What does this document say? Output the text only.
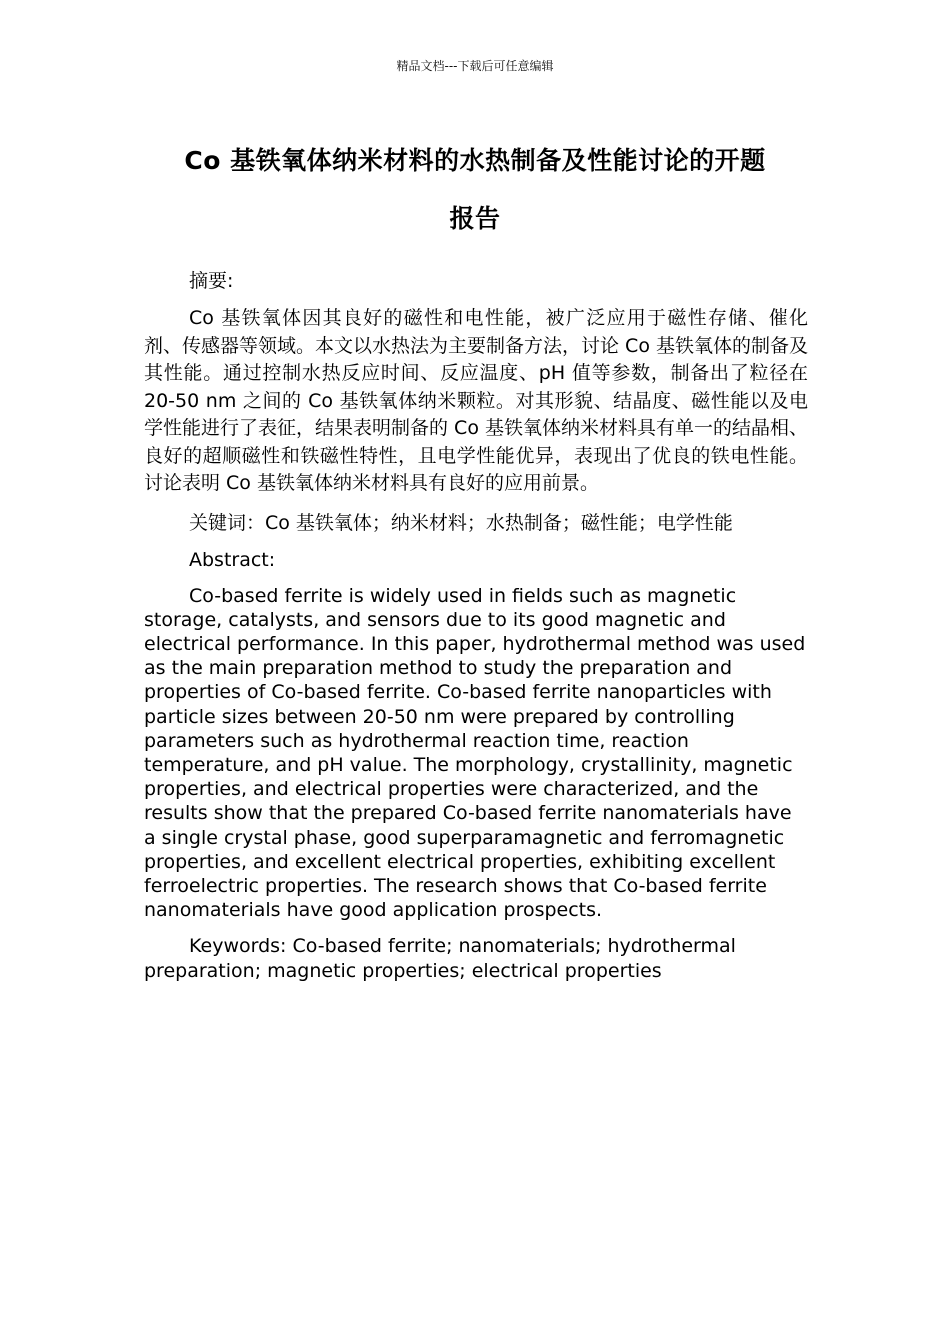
精品文档---下载后可任意编辑
Co 基铁氧体纳米材料的水热制备及性能讨论的开题
报告

摘要:

Co 基铁氧体因其良好的磁性和电性能，被广泛应用于磁性存储、催化剂、传感器等领域。本文以水热法为主要制备方法，讨论 Co 基铁氧体的制备及其性能。通过控制水热反应时间、反应温度、pH 值等参数，制备出了粒径在 20-50 nm 之间的 Co 基铁氧体纳米颗粒。对其形貌、结晶度、磁性能以及电学性能进行了表征，结果表明制备的 Co 基铁氧体纳米材料具有单一的结晶相、良好的超顺磁性和铁磁性特性，且电学性能优异，表现出了优良的铁电性能。讨论表明 Co 基铁氧体纳米材料具有良好的应用前景。

关键词：Co 基铁氧体；纳米材料；水热制备；磁性能；电学性能

Abstract:

Co-based ferrite is widely used in fields such as magnetic storage, catalysts, and sensors due to its good magnetic and electrical performance. In this paper, hydrothermal method was used as the main preparation method to study the preparation and properties of Co-based ferrite. Co-based ferrite nanoparticles with particle sizes between 20-50 nm were prepared by controlling parameters such as hydrothermal reaction time, reaction temperature, and pH value. The morphology, crystallinity, magnetic properties, and electrical properties were characterized, and the results show that the prepared Co-based ferrite nanomaterials have a single crystal phase, good superparamagnetic and ferromagnetic properties, and excellent electrical properties, exhibiting excellent ferroelectric properties. The research shows that Co-based ferrite nanomaterials have good application prospects.

Keywords: Co-based ferrite; nanomaterials; hydrothermal preparation; magnetic properties; electrical properties
